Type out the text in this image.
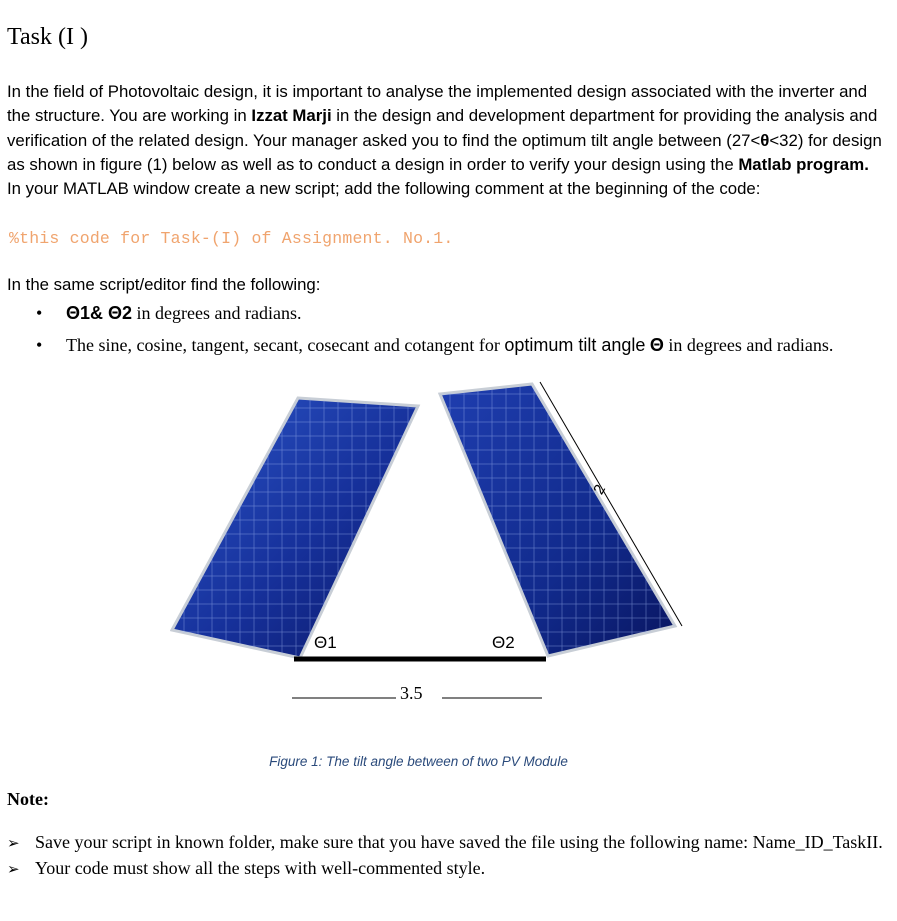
Task (I )

In the field of Photovoltaic design, it is important to analyse the implemented design associated with the inverter and the structure. You are working in Izzat Marji in the design and development department for providing the analysis and verification of the related design. Your manager asked you to find the optimum tilt angle between (27<θ<32) for design as shown in figure (1) below as well as to conduct a design in order to verify your design using the Matlab program.

In your MATLAB window create a new script; add the following comment at the beginning of the code:

%this code for Task-(I) of Assignment. No.1.
In the same script/editor find the following:
• Θ1& Θ2 in degrees and radians.
• The sine, cosine, tangent, secant, cosecant and cotangent for optimum tilt angle Θ in degrees and radians.
2
Θ1	Θ2
3.5
Figure 1: The tilt angle between of two PV Module
Note:
➢ Save your script in known folder, make sure that you have saved the file using the following name: Name_ID_TaskII.
➢ Your code must show all the steps with well-commented style.
